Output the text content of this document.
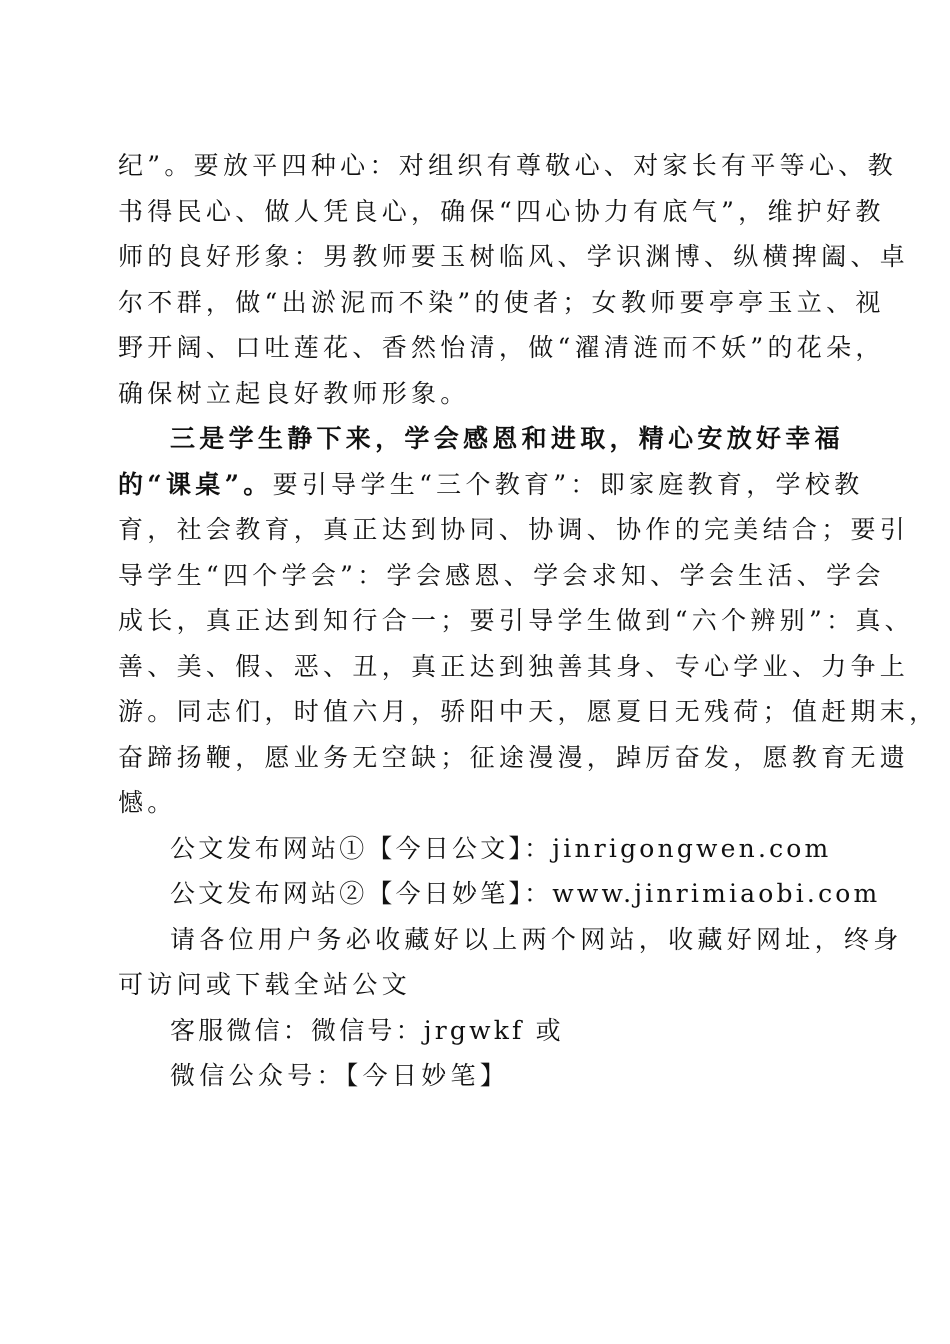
纪”。要放平四种心：对组织有尊敬心、对家长有平等心、教
书得民心、做人凭良心，确保“四心协力有底气”，维护好教
师的良好形象：男教师要玉树临风、学识渊博、纵横捭阖、卓
尔不群，做“出淤泥而不染”的使者；女教师要亭亭玉立、视
野开阔、口吐莲花、香然怡清，做“濯清涟而不妖”的花朵，
确保树立起良好教师形象。
三是学生静下来，学会感恩和进取，精心安放好幸福
的“课桌”。要引导学生“三个教育”：即家庭教育，学校教
育，社会教育，真正达到协同、协调、协作的完美结合；要引
导学生“四个学会”：学会感恩、学会求知、学会生活、学会
成长，真正达到知行合一；要引导学生做到“六个辨别”：真、
善、美、假、恶、丑，真正达到独善其身、专心学业、力争上
游。同志们，时值六月，骄阳中天，愿夏日无残荷；值赶期末，
奋蹄扬鞭，愿业务无空缺；征途漫漫，踔厉奋发，愿教育无遗
憾。
公文发布网站①【今日公文】：jinrigongwen.com
公文发布网站②【今日妙笔】：www.jinrimiaobi.com
请各位用户务必收藏好以上两个网站，收藏好网址，终身
可访问或下载全站公文
客服微信：微信号：jrgwkf 或
微信公众号：【今日妙笔】
